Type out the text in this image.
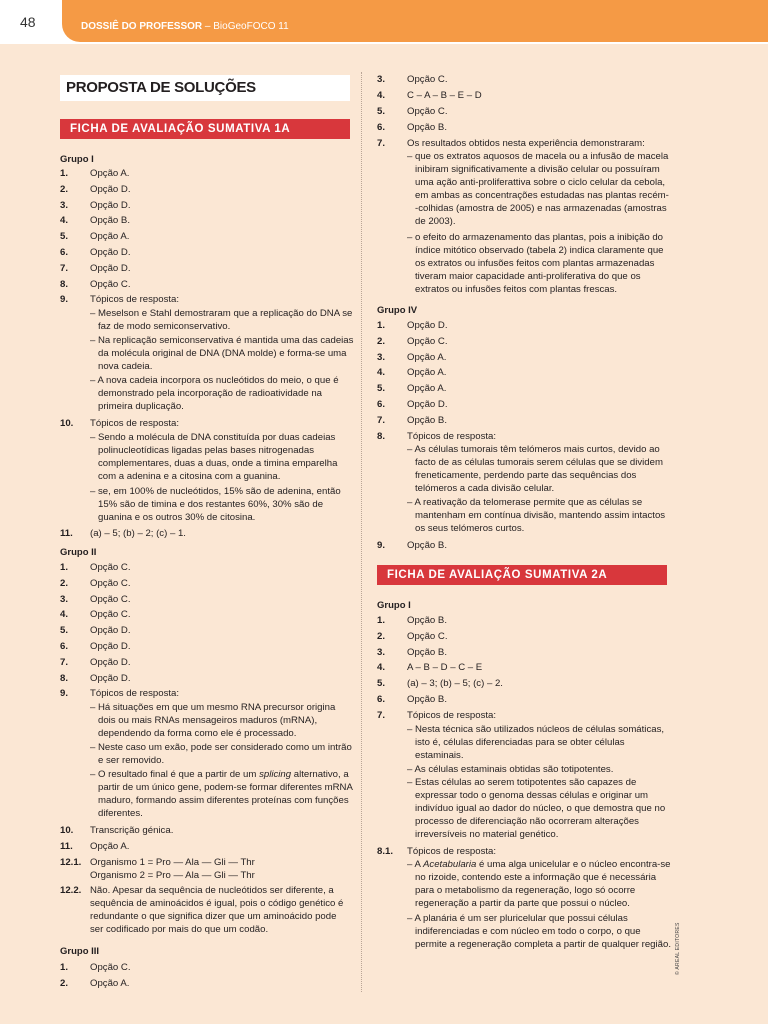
48	DOSSIÊ DO PROFESSOR – BioGeoFOCO 11
PROPOSTA DE SOLUÇÕES
FICHA DE AVALIAÇÃO SUMATIVA 1A
Grupo I
1. Opção A.
2. Opção D.
3. Opção D.
4. Opção B.
5. Opção A.
6. Opção D.
7. Opção D.
8. Opção C.
9. Tópicos de resposta:
– Meselson e Stahl demostraram que a replicação do DNA se faz de modo semiconservativo.
– Na replicação semiconservativa é mantida uma das cadeias da molécula original de DNA (DNA molde) e forma-se uma nova cadeia.
– A nova cadeia incorpora os nucleótidos do meio, o que é demonstrado pela incorporação de radioatividade na primeira duplicação.
10. Tópicos de resposta:
– Sendo a molécula de DNA constituída por duas cadeias polinucleotídicas ligadas pelas bases nitrogenadas complementares, duas a duas, onde a timina emparelha com a adenina e a citosina com a guanina.
– se, em 100% de nucleótidos, 15% são de adenina, então 15% são de timina e dos restantes 60%, 30% são de guanina e os outros 30% de citosina.
11. (a) – 5; (b) – 2; (c) – 1.
Grupo II
1. Opção C.
2. Opção C.
3. Opção C.
4. Opção C.
5. Opção D.
6. Opção D.
7. Opção D.
8. Opção D.
9. Tópicos de resposta:
– Há situações em que um mesmo RNA precursor origina dois ou mais RNAs mensageiros maduros (mRNA), dependendo da forma como ele é processado.
– Neste caso um exão, pode ser considerado como um intrão e ser removido.
– O resultado final é que a partir de um splicing alternativo, a partir de um único gene, podem-se formar diferentes mRNA maduro, formando assim diferentes proteínas com funções diferentes.
10. Transcrição génica.
11. Opção A.
12.1. Organismo 1 = Pro — Ala — Gli — Thr
Organismo 2 = Pro — Ala — Gli — Thr
12.2. Não. Apesar da sequência de nucleótidos ser diferente, a sequência de aminoácidos é igual, pois o código genético é redundante o que significa dizer que um aminoácido pode ser codificado por mais do que um codão.
Grupo III
1. Opção C.
2. Opção A.
3. Opção C.
4. C – A – B – E – D
5. Opção C.
6. Opção B.
7. Os resultados obtidos nesta experiência demonstraram:
– que os extratos aquosos de macela ou a infusão de macela inibiram significativamente a divisão celular ou possuíram uma ação anti-proliferattiva sobre o ciclo celular da cebola, em ambas as concentrações estudadas nas plantas recém--colhidas (amostra de 2005) e nas armazenadas (amostras de 2003).
– o efeito do armazenamento das plantas, pois a inibição do índice mitótico observado (tabela 2) indica claramente que os extratos ou infusões feitos com plantas armazenadas tiveram maior capacidade anti-proliferativa do que os extratos ou infusões feitos com plantas frescas.
Grupo IV
1. Opção D.
2. Opção C.
3. Opção A.
4. Opção A.
5. Opção A.
6. Opção D.
7. Opção B.
8. Tópicos de resposta:
– As células tumorais têm telómeros mais curtos, devido ao facto de as células tumorais serem células que se dividem freneticamente, perdendo parte das sequências dos telómeros a cada divisão celular.
– A reativação da telomerase permite que as células se mantenham em contínua divisão, mantendo assim intactos os seus telómeros curtos.
9. Opção B.
Grupo I
1. Opção B.
2. Opção C.
3. Opção B.
4. A – B – D – C – E
5. (a) – 3; (b) – 5; (c) – 2.
6. Opção B.
7. Tópicos de resposta:
– Nesta técnica são utilizados núcleos de células somáticas, isto é, células diferenciadas para se obter células estaminais.
– As células estaminais obtidas são totipotentes.
– Estas células ao serem totipotentes são capazes de expressar todo o genoma dessas células e originar um indivíduo igual ao dador do núcleo, o que demostra que no processo de diferenciação não ocorreram alterações irreversíveis no material genético.
8.1. Tópicos de resposta:
– A Acetabularia é uma alga unicelular e o núcleo encontra-se no rizoide, contendo este a informação que é necessária para o metabolismo da regeneração, logo só ocorre regeneração a partir da parte que possui o núcleo.
– A planária é um ser pluricelular que possui células indiferenciadas e com núcleo em todo o corpo, o que permite a regeneração completa a partir de qualquer região.
FICHA DE AVALIAÇÃO SUMATIVA 2A
© AREAL EDITORES
